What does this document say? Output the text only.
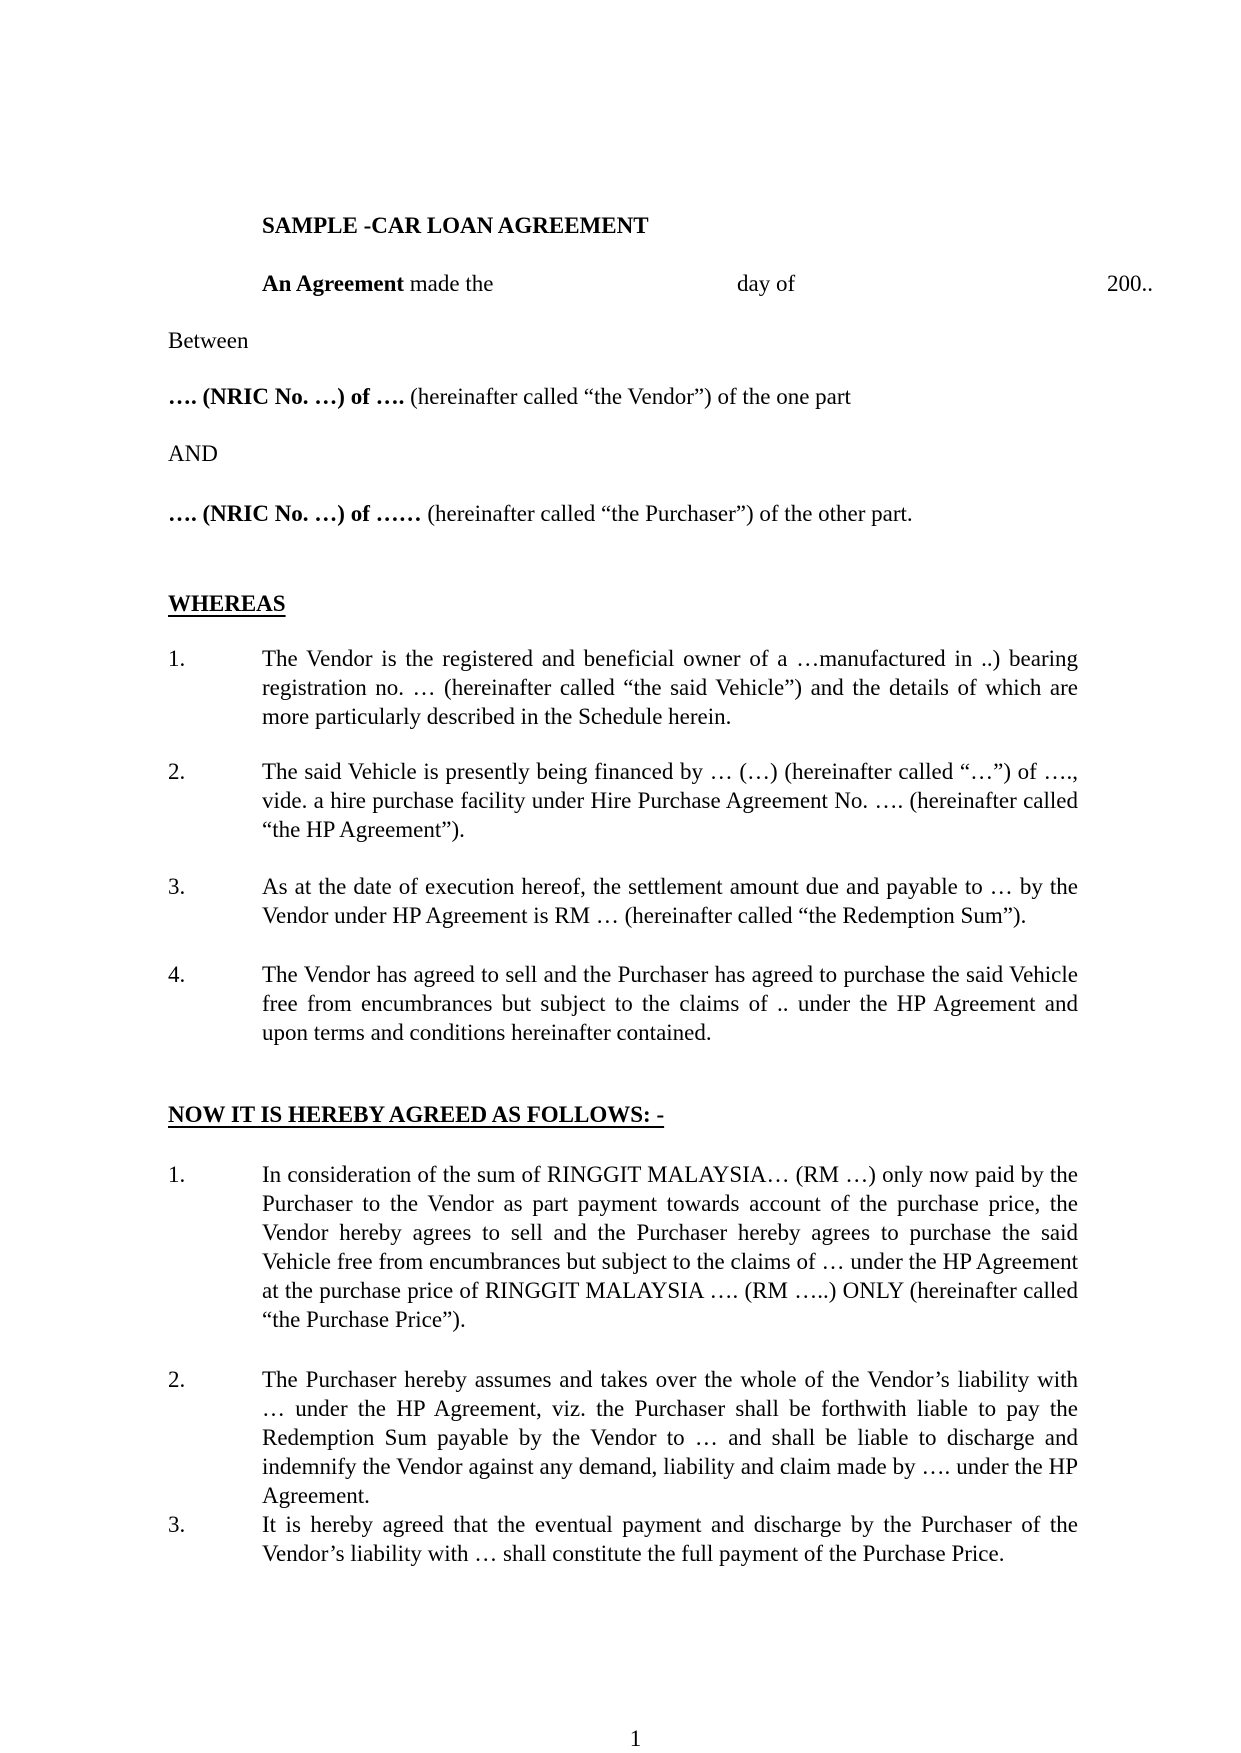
SAMPLE -CAR LOAN AGREEMENT
An Agreement made the	day of	200..
Between
…. (NRIC No. …) of …. (hereinafter called “the Vendor”) of the one part
AND
…. (NRIC No. …) of …… (hereinafter called “the Purchaser”) of the other part.
WHEREAS
1.	The Vendor is the registered and beneficial owner of a …manufactured in ..) bearing registration no. … (hereinafter called “the said Vehicle”) and the details of which are more particularly described in the Schedule herein.
2.	The said Vehicle is presently being financed by … (…) (hereinafter called “…”) of …., vide. a hire purchase facility under Hire Purchase Agreement No. …. (hereinafter called “the HP Agreement”).
3.	As at the date of execution hereof, the settlement amount due and payable to … by the Vendor under HP Agreement is RM … (hereinafter called “the Redemption Sum”).
4.	The Vendor has agreed to sell and the Purchaser has agreed to purchase the said Vehicle free from encumbrances but subject to the claims of .. under the HP Agreement and upon terms and conditions hereinafter contained.
NOW IT IS HEREBY AGREED AS FOLLOWS: -
1.	In consideration of the sum of RINGGIT MALAYSIA… (RM …) only now paid by the Purchaser to the Vendor as part payment towards account of the purchase price, the Vendor hereby agrees to sell and the Purchaser hereby agrees to purchase the said Vehicle free from encumbrances but subject to the claims of … under the HP Agreement at the purchase price of RINGGIT MALAYSIA …. (RM …..) ONLY (hereinafter called “the Purchase Price”).
2.	The Purchaser hereby assumes and takes over the whole of the Vendor’s liability with … under the HP Agreement, viz. the Purchaser shall be forthwith liable to pay the Redemption Sum payable by the Vendor to … and shall be liable to discharge and indemnify the Vendor against any demand, liability and claim made by …. under the HP Agreement.
3.	It is hereby agreed that the eventual payment and discharge by the Purchaser of the Vendor’s liability with … shall constitute the full payment of the Purchase Price.
1
